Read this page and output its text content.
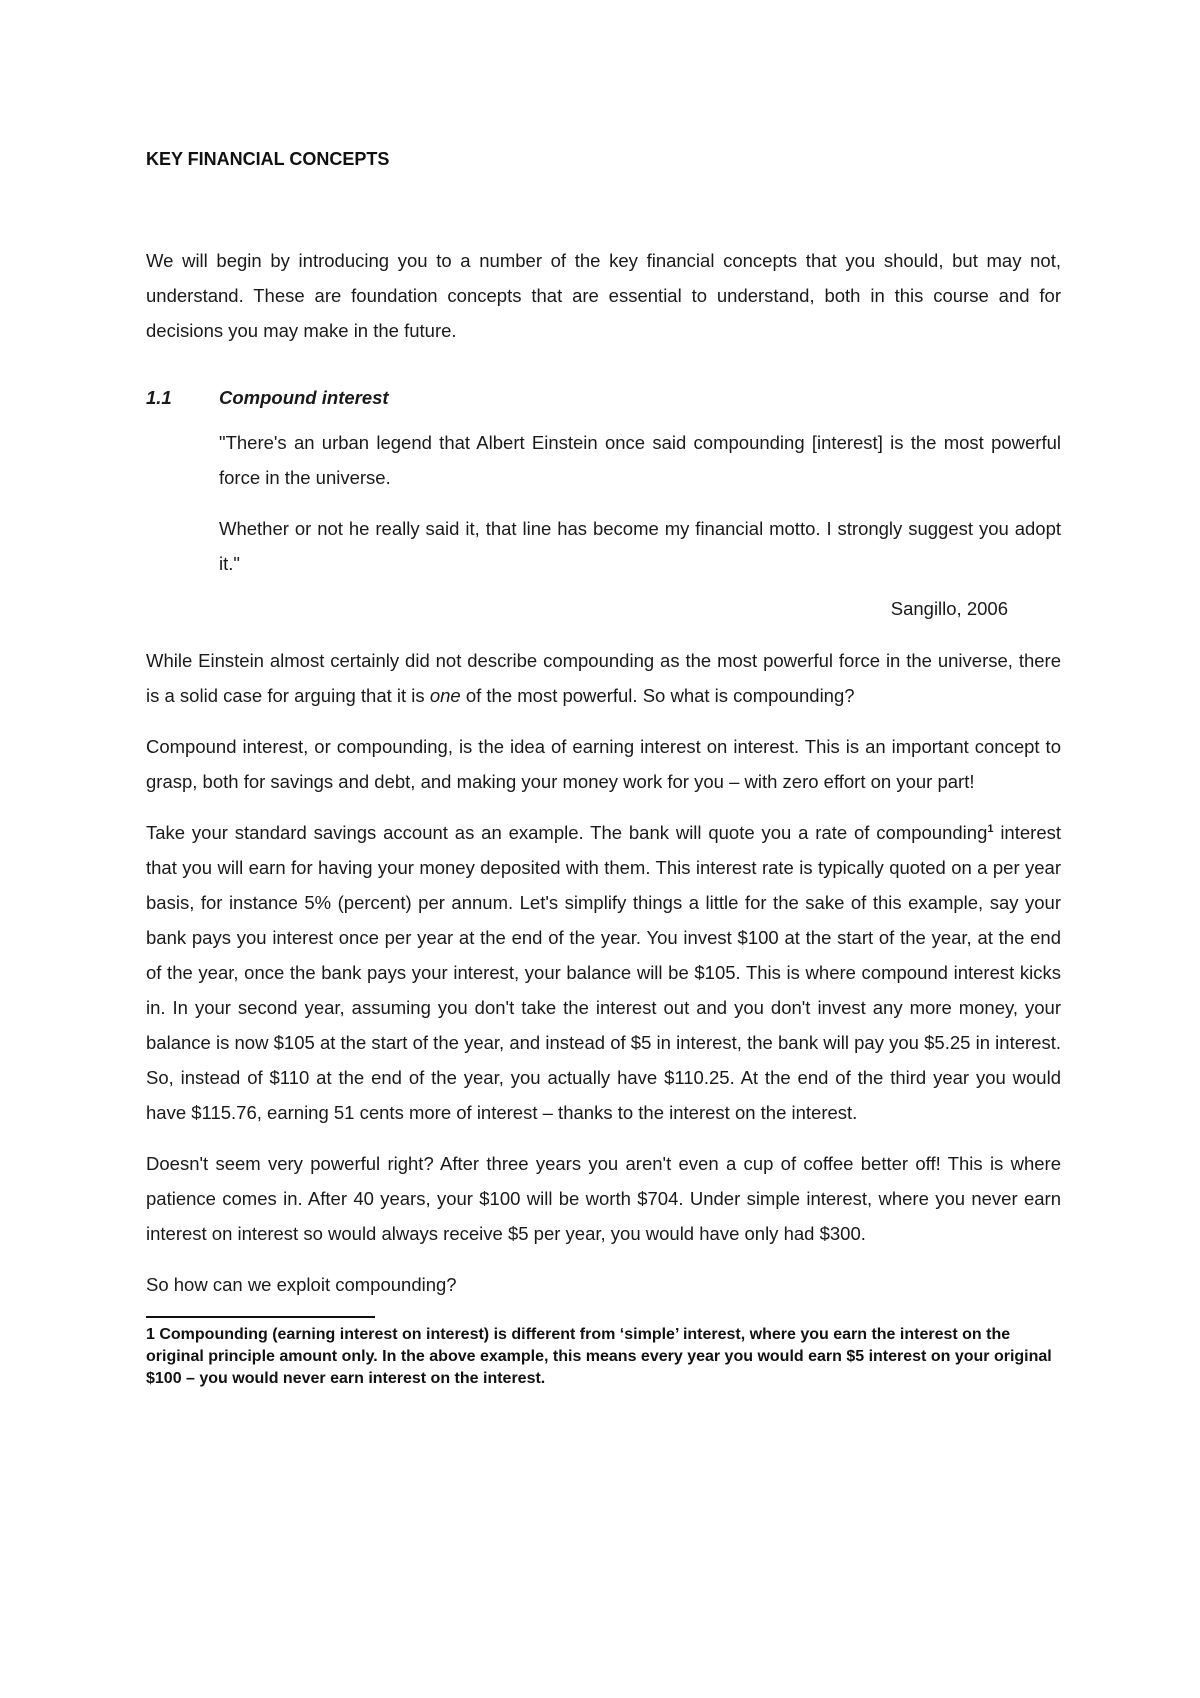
KEY FINANCIAL CONCEPTS

We will begin by introducing you to a number of the key financial concepts that you should, but may not, understand. These are foundation concepts that are essential to understand, both in this course and for decisions you may make in the future.

1.1	Compound interest

"There's an urban legend that Albert Einstein once said compounding [interest] is the most powerful force in the universe.

Whether or not he really said it, that line has become my financial motto. I strongly suggest you adopt it."

Sangillo, 2006

While Einstein almost certainly did not describe compounding as the most powerful force in the universe, there is a solid case for arguing that it is one of the most powerful. So what is compounding?

Compound interest, or compounding, is the idea of earning interest on interest. This is an important concept to grasp, both for savings and debt, and making your money work for you – with zero effort on your part!

Take your standard savings account as an example. The bank will quote you a rate of compounding$^1$ interest that you will earn for having your money deposited with them. This interest rate is typically quoted on a per year basis, for instance 5% (percent) per annum. Let's simplify things a little for the sake of this example, say your bank pays you interest once per year at the end of the year. You invest $100 at the start of the year, at the end of the year, once the bank pays your interest, your balance will be $105. This is where compound interest kicks in. In your second year, assuming you don't take the interest out and you don't invest any more money, your balance is now $105 at the start of the year, and instead of $5 in interest, the bank will pay you $5.25 in interest. So, instead of $110 at the end of the year, you actually have $110.25. At the end of the third year you would have $115.76, earning 51 cents more of interest – thanks to the interest on the interest.

Doesn't seem very powerful right? After three years you aren't even a cup of coffee better off! This is where patience comes in. After 40 years, your $100 will be worth $704. Under simple interest, where you never earn interest on interest so would always receive $5 per year, you would have only had $300.

So how can we exploit compounding?

1 Compounding (earning interest on interest) is different from ‘simple’ interest, where you earn the interest on the original principle amount only. In the above example, this means every year you would earn $5 interest on your original $100 – you would never earn interest on the interest.
